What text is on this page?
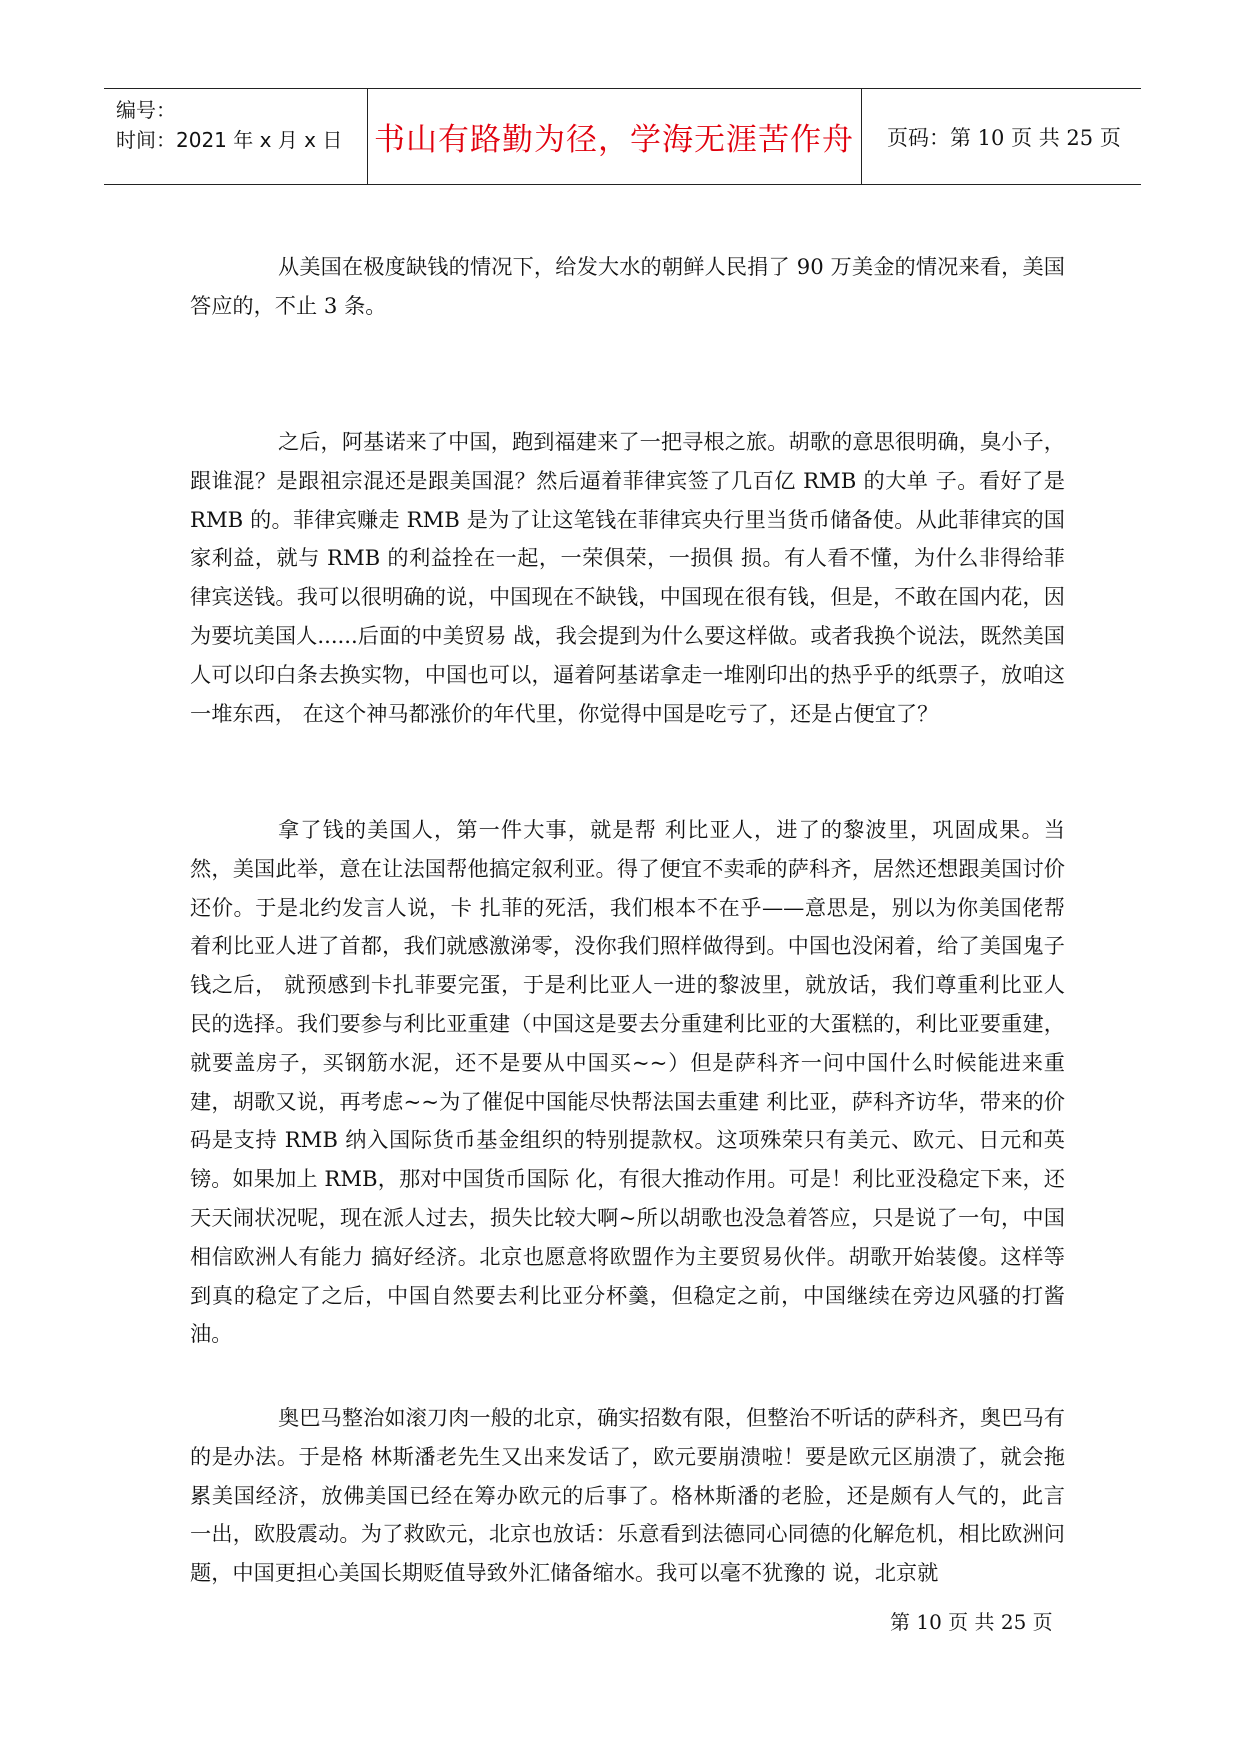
编号：
时间：2021 年 x 月 x 日	书山有路勤为径，学海无涯苦作舟	页码：第 10 页 共 25 页

从美国在极度缺钱的情况下，给发大水的朝鲜人民捐了 90 万美金的情况来看，美国答应的，不止 3 条。

之后，阿基诺来了中国，跑到福建来了一把寻根之旅。胡歌的意思很明确，臭小子，跟谁混？是跟祖宗混还是跟美国混？然后逼着菲律宾签了几百亿 RMB 的大单 子。看好了是 RMB 的。菲律宾赚走 RMB 是为了让这笔钱在菲律宾央行里当货币储备使。从此菲律宾的国家利益，就与 RMB 的利益拴在一起，一荣俱荣，一损俱 损。有人看不懂，为什么非得给菲律宾送钱。我可以很明确的说，中国现在不缺钱，中国现在很有钱，但是，不敢在国内花，因为要坑美国人......后面的中美贸易 战，我会提到为什么要这样做。或者我换个说法，既然美国人可以印白条去换实物，中国也可以，逼着阿基诺拿走一堆刚印出的热乎乎的纸票子，放咱这一堆东西， 在这个神马都涨价的年代里，你觉得中国是吃亏了，还是占便宜了？

拿了钱的美国人，第一件大事，就是帮 利比亚人，进了的黎波里，巩固成果。当然，美国此举，意在让法国帮他搞定叙利亚。得了便宜不卖乖的萨科齐，居然还想跟美国讨价还价。于是北约发言人说，卡 扎菲的死活，我们根本不在乎——意思是，别以为你美国佬帮着利比亚人进了首都，我们就感激涕零，没你我们照样做得到。中国也没闲着，给了美国鬼子钱之后， 就预感到卡扎菲要完蛋，于是利比亚人一进的黎波里，就放话，我们尊重利比亚人民的选择。我们要参与利比亚重建（中国这是要去分重建利比亚的大蛋糕的，利比亚要重建，就要盖房子，买钢筋水泥，还不是要从中国买~~）但是萨科齐一问中国什么时候能进来重建，胡歌又说，再考虑~~为了催促中国能尽快帮法国去重建 利比亚，萨科齐访华，带来的价码是支持 RMB 纳入国际货币基金组织的特别提款权。这项殊荣只有美元、欧元、日元和英镑。如果加上 RMB，那对中国货币国际 化，有很大推动作用。可是！利比亚没稳定下来，还天天闹状况呢，现在派人过去，损失比较大啊~所以胡歌也没急着答应，只是说了一句，中国相信欧洲人有能力 搞好经济。北京也愿意将欧盟作为主要贸易伙伴。胡歌开始装傻。这样等到真的稳定了之后，中国自然要去利比亚分杯羹，但稳定之前，中国继续在旁边风骚的打酱 油。

奥巴马整治如滚刀肉一般的北京，确实招数有限，但整治不听话的萨科齐，奥巴马有的是办法。于是格 林斯潘老先生又出来发话了，欧元要崩溃啦！要是欧元区崩溃了，就会拖累美国经济，放佛美国已经在筹办欧元的后事了。格林斯潘的老脸，还是颇有人气的，此言 一出，欧股震动。为了救欧元，北京也放话：乐意看到法德同心同德的化解危机，相比欧洲问题，中国更担心美国长期贬值导致外汇储备缩水。我可以毫不犹豫的 说，北京就

第 10 页 共 25 页
